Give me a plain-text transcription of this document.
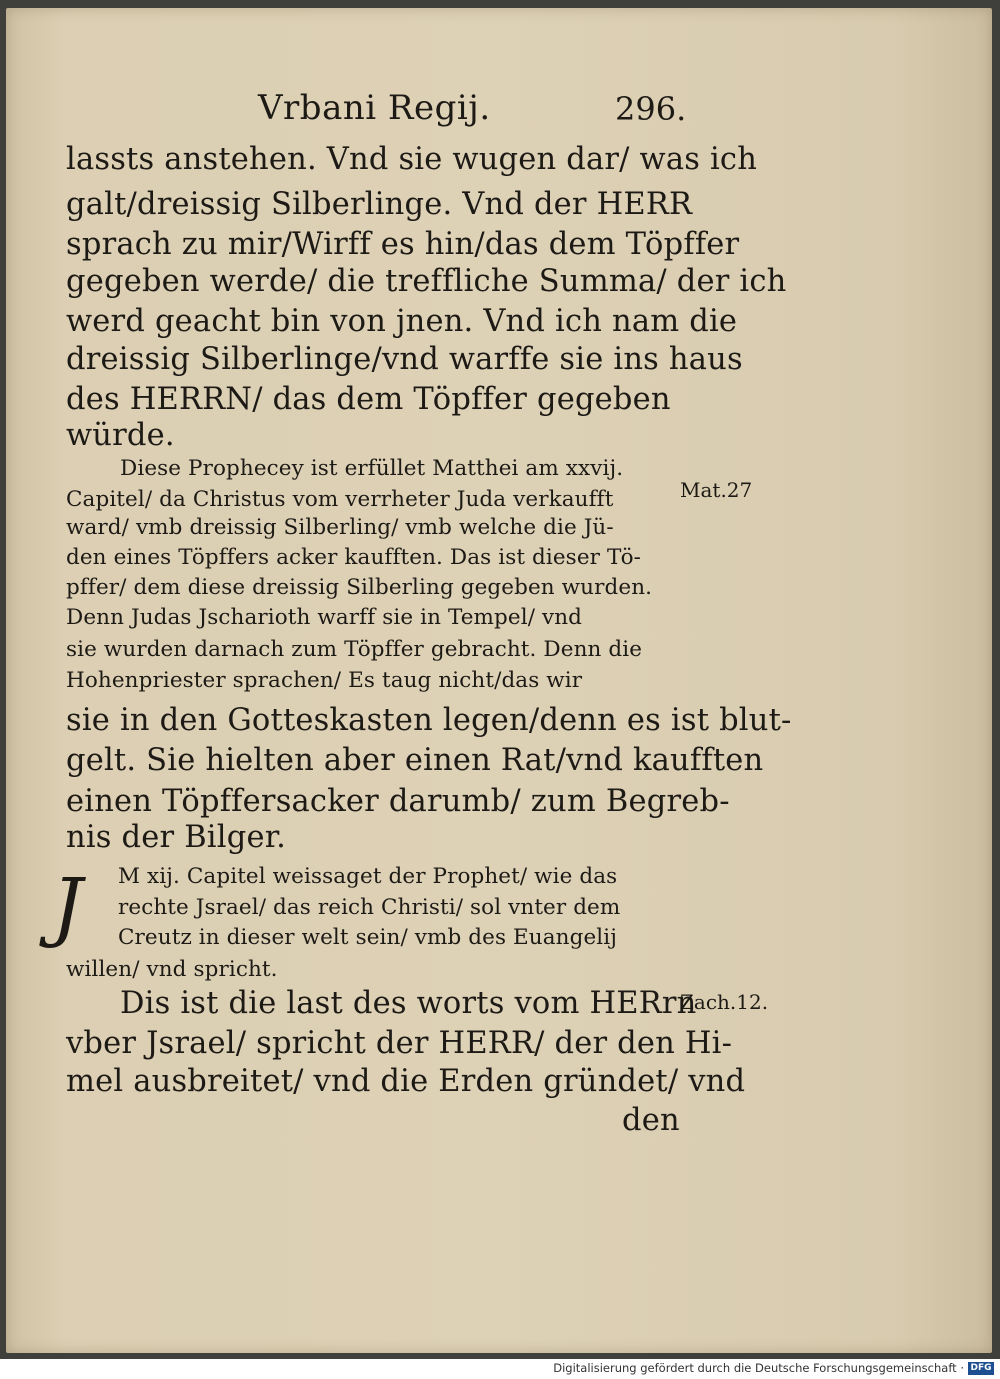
Vrbani Regij.	296.
lassts anstehen. Vnd sie wugen dar/ was ich
galt/dreissig Silberlinge. Vnd der HERR
sprach zu mir/Wirff es hin/das dem Töpffer
gegeben werde/ die treffliche Summa/ der ich
werd geacht bin von jnen. Vnd ich nam die
dreissig Silberlinge/vnd warffe sie ins haus
des HERRN/ das dem Töpffer gegeben
würde.
Diese Prophecey ist erfüllet Matthei am xxvij.
Capitel/ da Christus vom verrheter Juda verkaufft
ward/ vmb dreissig Silberling/ vmb welche die Jü-
den eines Töpffers acker kaufften. Das ist dieser Tö-
pffer/ dem diese dreissig Silberling gegeben wurden.
Denn Judas Jscharioth warff sie in Tempel/ vnd
sie wurden darnach zum Töpffer gebracht. Denn die
Hohenpriester sprachen/ Es taug nicht/das wir
sie in den Gotteskasten legen/denn es ist blut-
gelt. Sie hielten aber einen Rat/vnd kaufften
einen Töpffersacker darumb/ zum Begreb-
nis der Bilger.
J	M xij. Capitel weissaget der Prophet/ wie das
rechte Jsrael/ das reich Christi/ sol vnter dem
Creutz in dieser welt sein/ vmb des Euangelij
willen/ vnd spricht.
Dis ist die last des worts vom HERrn
vber Jsrael/ spricht der HERR/ der den Hi-
mel ausbreitet/ vnd die Erden gründet/ vnd
den
Mat.27
Zach.12.
Digitalisierung gefördert durch die Deutsche Forschungsgemeinschaft · DFG
